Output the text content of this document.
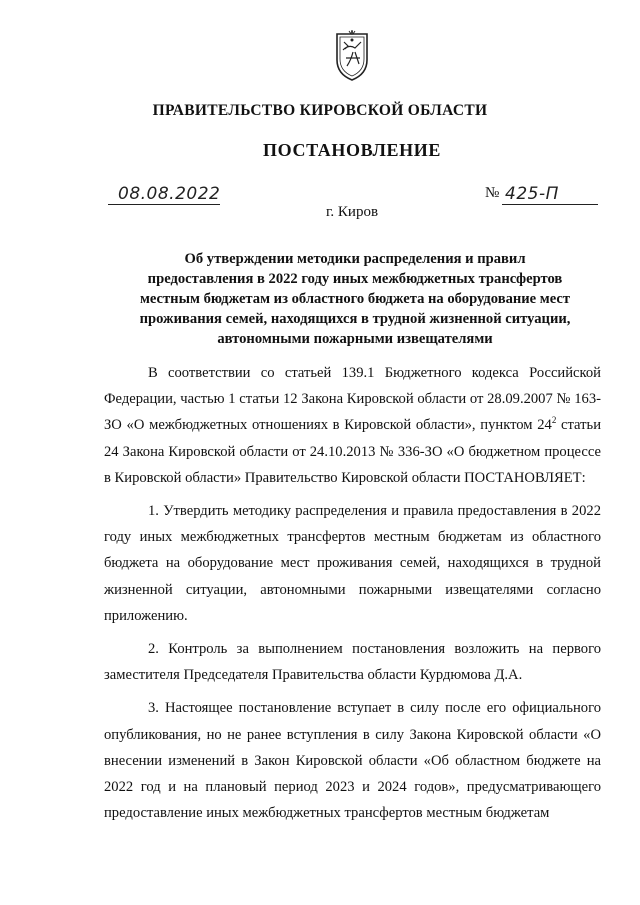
ПРАВИТЕЛЬСТВО КИРОВСКОЙ ОБЛАСТИ
ПОСТАНОВЛЕНИЕ
08.08.2022	№ 425-П
г. Киров
Об утверждении методики распределения и правил предоставления в 2022 году иных межбюджетных трансфертов местным бюджетам из областного бюджета на оборудование мест проживания семей, находящихся в трудной жизненной ситуации, автономными пожарными извещателями

В соответствии со статьей 139.1 Бюджетного кодекса Российской Федерации, частью 1 статьи 12 Закона Кировской области от 28.09.2007 № 163-ЗО «О межбюджетных отношениях в Кировской области», пунктом $24^2$ статьи 24 Закона Кировской области от 24.10.2013 № 336-ЗО «О бюджетном процессе в Кировской области» Правительство Кировской области ПОСТАНОВЛЯЕТ:

1. Утвердить методику распределения и правила предоставления в 2022 году иных межбюджетных трансфертов местным бюджетам из областного бюджета на оборудование мест проживания семей, находящихся в трудной жизненной ситуации, автономными пожарными извещателями согласно приложению.

2. Контроль за выполнением постановления возложить на первого заместителя Председателя Правительства области Курдюмова Д.А.

3. Настоящее постановление вступает в силу после его официального опубликования, но не ранее вступления в силу Закона Кировской области «О внесении изменений в Закон Кировской области «Об областном бюджете на 2022 год и на плановый период 2023 и 2024 годов», предусматривающего предоставление иных межбюджетных трансфертов местным бюджетам
